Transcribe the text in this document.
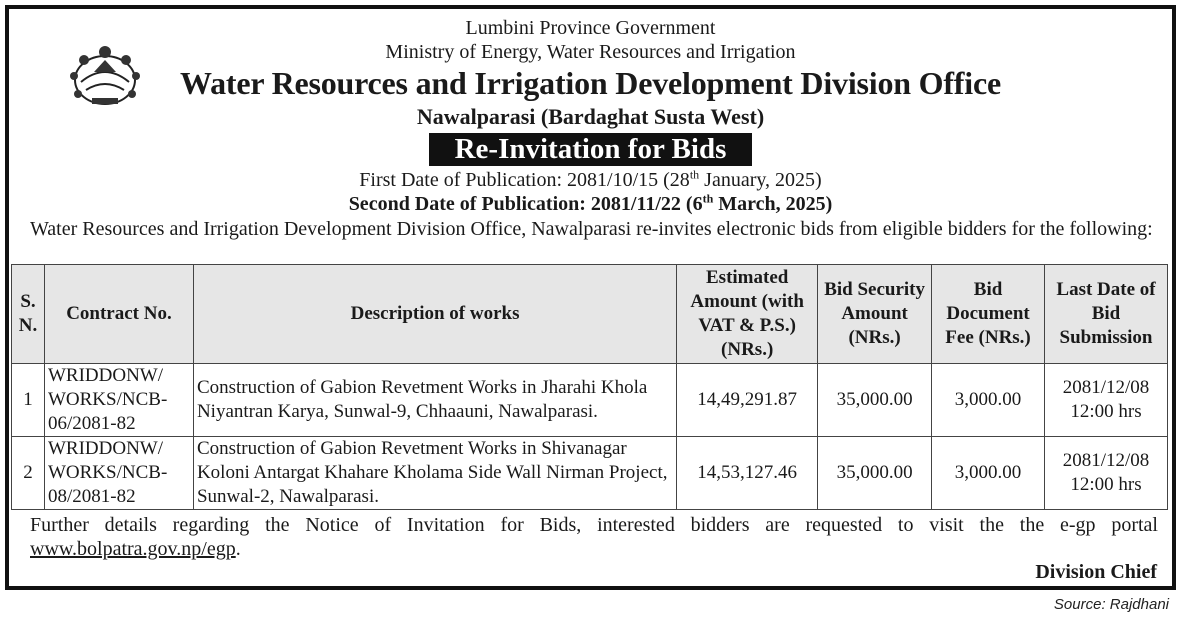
Lumbini Province Government
Ministry of Energy, Water Resources and Irrigation
Water Resources and Irrigation Development Division Office
Nawalparasi (Bardaghat Susta West)
Re-Invitation for Bids
First Date of Publication: 2081/10/15 (28th January, 2025)
Second Date of Publication: 2081/11/22 (6th March, 2025)
Water Resources and Irrigation Development Division Office, Nawalparasi re-invites electronic bids from eligible bidders for the following:
S. N.	Contract No.	Description of works	Estimated Amount (with VAT & P.S.) (NRs.)	Bid Security Amount (NRs.)	Bid Document Fee (NRs.)	Last Date of Bid Submission
1	WRIDDONW/ WORKS/NCB-06/2081-82	Construction of Gabion Revetment Works in Jharahi Khola Niyantran Karya, Sunwal-9, Chhaauni, Nawalparasi.	14,49,291.87	35,000.00	3,000.00	2081/12/08
12:00 hrs

2	WRIDDONW/ WORKS/NCB-08/2081-82	Construction of Gabion Revetment Works in Shivanagar Koloni Antargat Khahare Kholama Side Wall Nirman Project, Sunwal-2, Nawalparasi.	14,53,127.46	35,000.00	3,000.00	2081/12/08
12:00 hrs
Further details regarding the Notice of Invitation for Bids, interested bidders are requested to visit the the e-gp portal www.bolpatra.gov.np/egp.
Division Chief
Source: Rajdhani
